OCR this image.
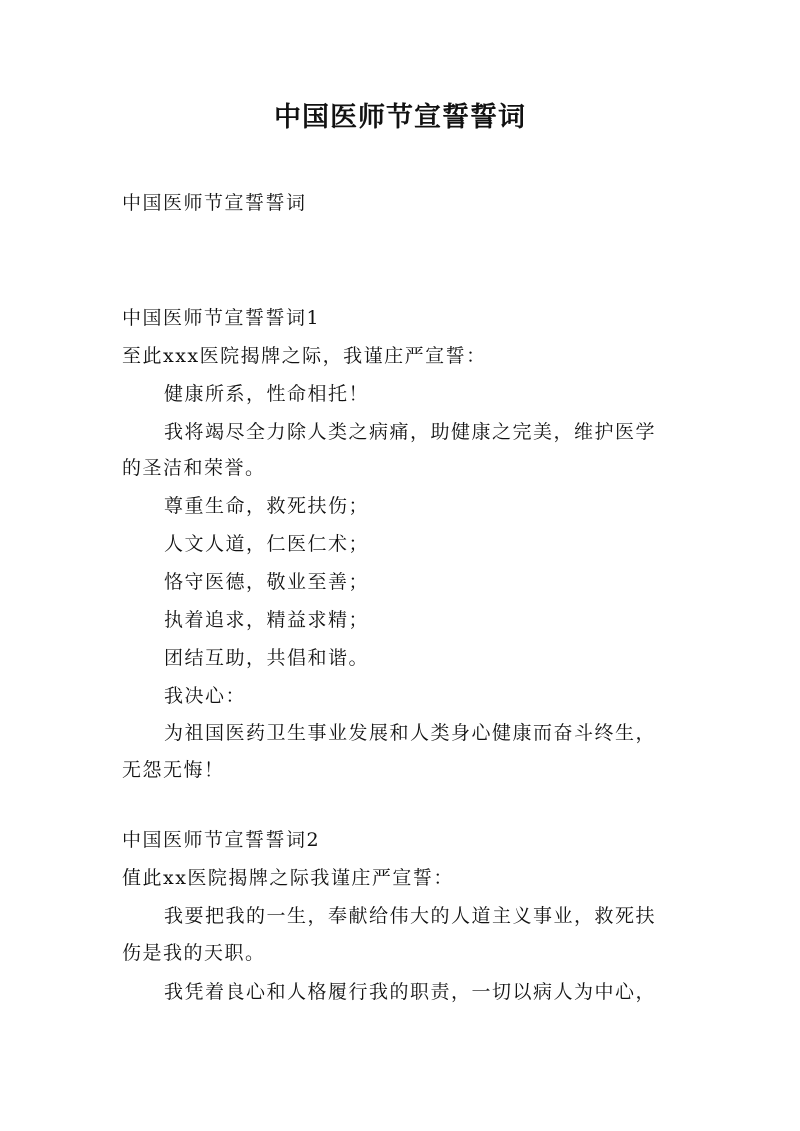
中国医师节宣誓誓词
中国医师节宣誓誓词
中国医师节宣誓誓词1
至此xxx医院揭牌之际，我谨庄严宣誓：
健康所系，性命相托！
我将竭尽全力除人类之病痛，助健康之完美，维护医学
的圣洁和荣誉。
尊重生命，救死扶伤；
人文人道，仁医仁术；
恪守医德，敬业至善；
执着追求，精益求精；
团结互助，共倡和谐。
我决心：
为祖国医药卫生事业发展和人类身心健康而奋斗终生，
无怨无悔！
中国医师节宣誓誓词2
值此xx医院揭牌之际我谨庄严宣誓：
我要把我的一生，奉献给伟大的人道主义事业，救死扶
伤是我的天职。
我凭着良心和人格履行我的职责，一切以病人为中心，
